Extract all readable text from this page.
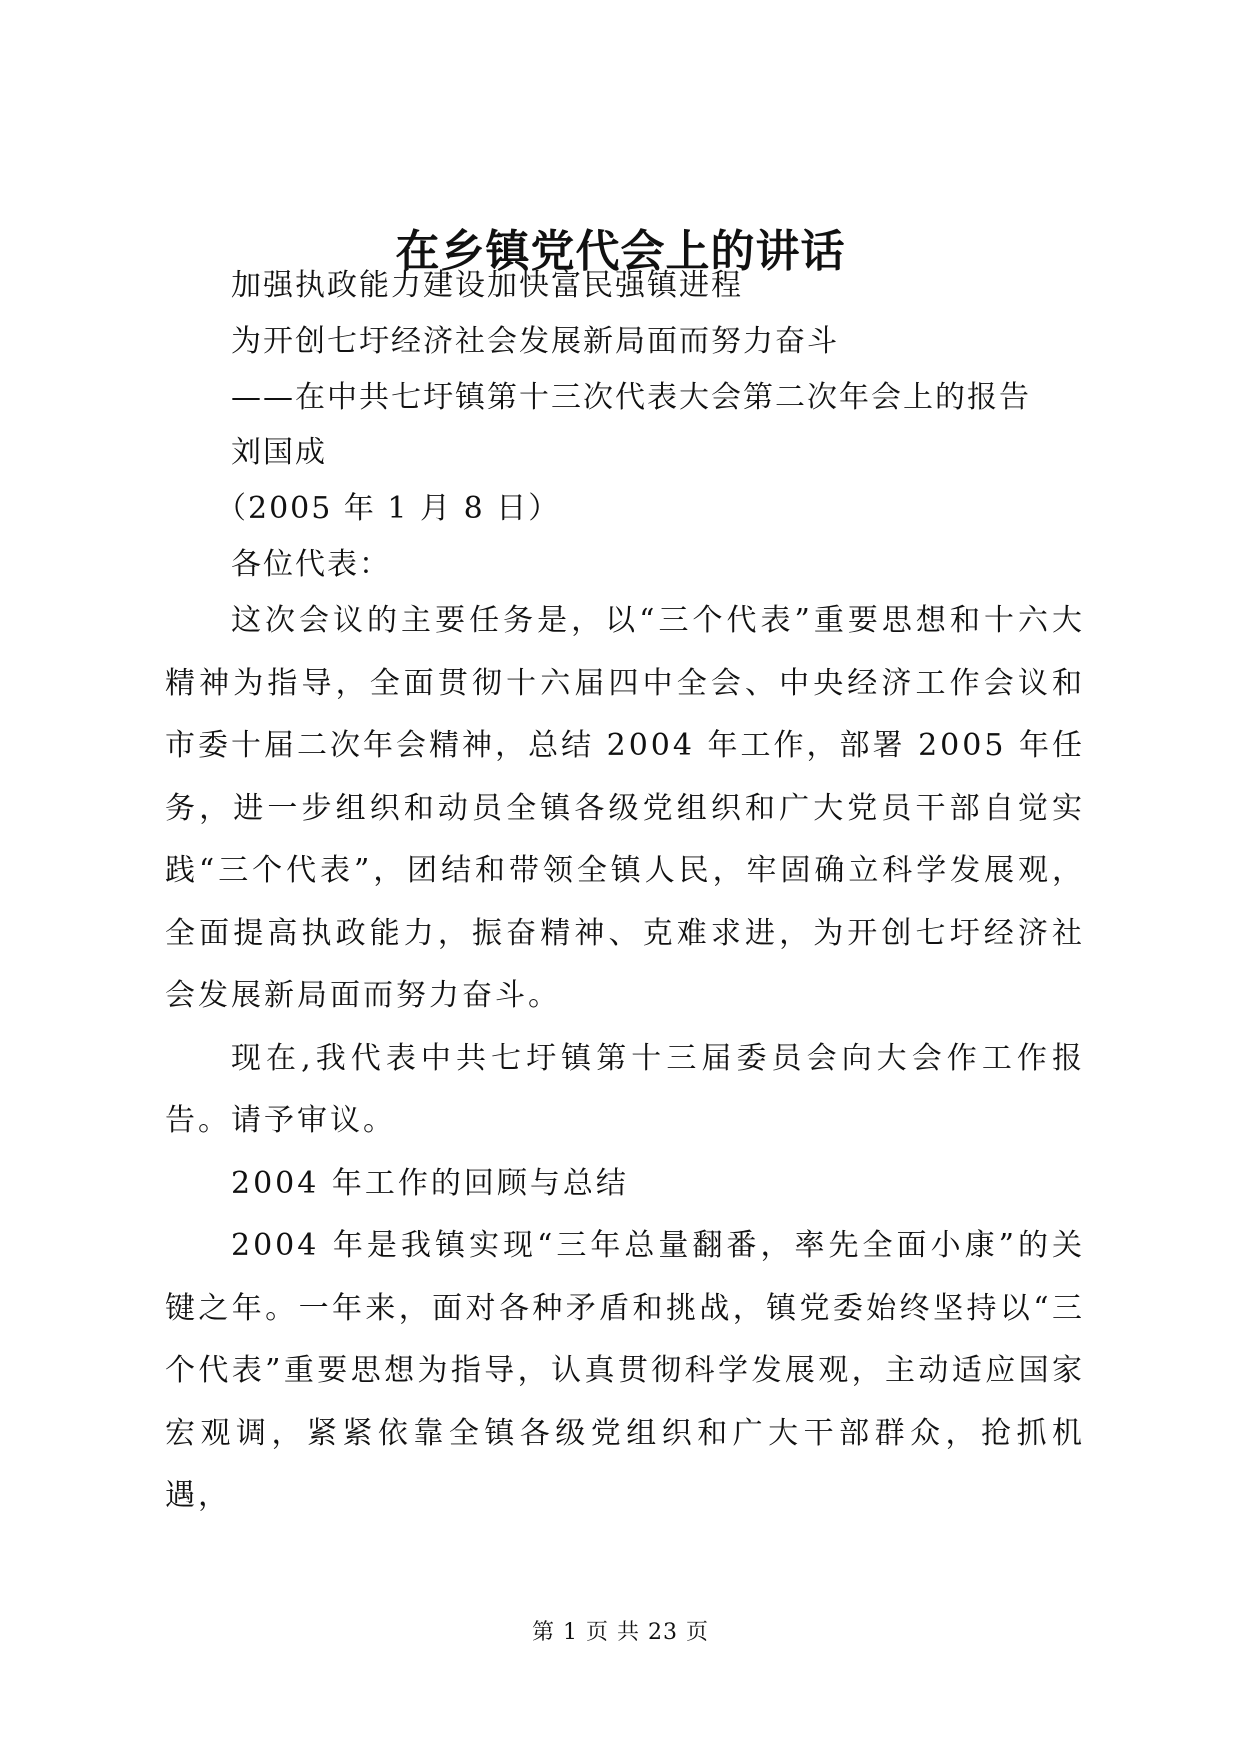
在乡镇党代会上的讲话
加强执政能力建设加快富民强镇进程
为开创七圩经济社会发展新局面而努力奋斗
——在中共七圩镇第十三次代表大会第二次年会上的报告
刘国成
（2005 年 1 月 8 日）
各位代表：

这次会议的主要任务是，以“三个代表”重要思想和十六大精神为指导，全面贯彻十六届四中全会、中央经济工作会议和市委十届二次年会精神，总结 2004 年工作，部署 2005 年任务，进一步组织和动员全镇各级党组织和广大党员干部自觉实践“三个代表”，团结和带领全镇人民，牢固确立科学发展观，全面提高执政能力，振奋精神、克难求进，为开创七圩经济社会发展新局面而努力奋斗。

现在,我代表中共七圩镇第十三届委员会向大会作工作报告。请予审议。

2004 年工作的回顾与总结

2004 年是我镇实现“三年总量翻番，率先全面小康”的关键之年。一年来，面对各种矛盾和挑战，镇党委始终坚持以“三个代表”重要思想为指导，认真贯彻科学发展观，主动适应国家宏观调，紧紧依靠全镇各级党组织和广大干部群众，抢抓机遇，

第 1 页 共 23 页
